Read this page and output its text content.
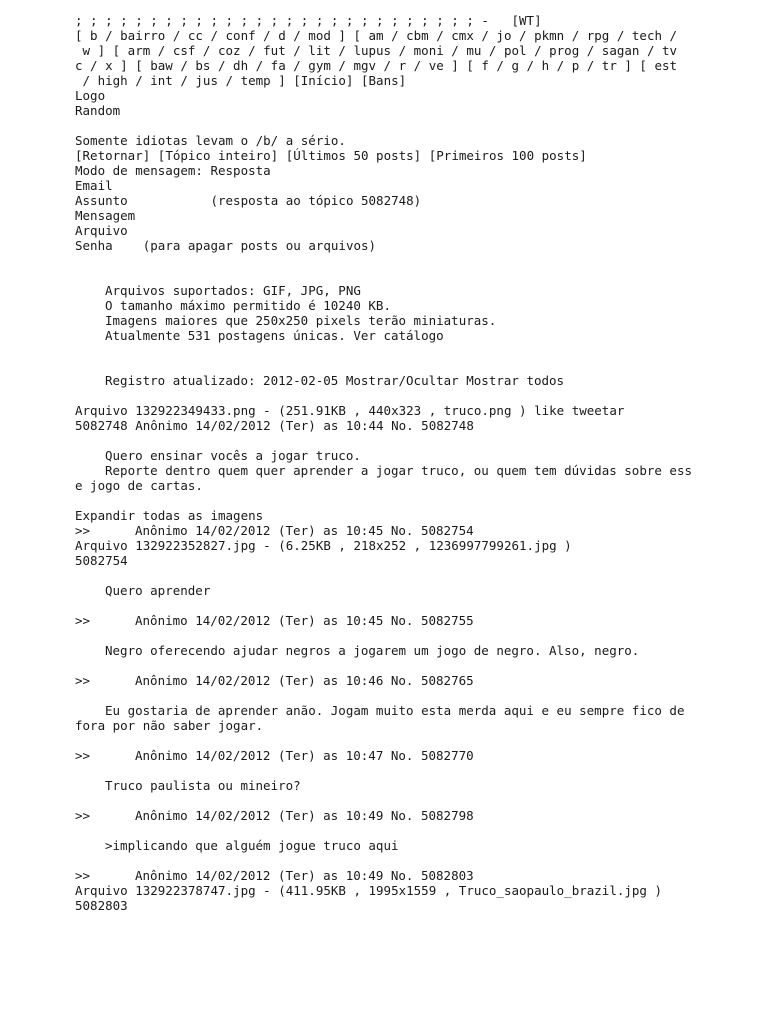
; ; ; ; ; ; ; ; ; ; ; ; ; ; ; ; ; ; ; ; ; ; ; ; ; ; ; - [WT]
[ b / bairro / cc / conf / d / mod ] [ am / cbm / cmx / jo / pkmn / rpg / tech /
w ] [ arm / csf / coz / fut / lit / lupus / moni / mu / pol / prog / sagan / tv
c / x ] [ baw / bs / dh / fa / gym / mgv / r / ve ] [ f / g / h / p / tr ] [ est
/ high / int / jus / temp ] [Início] [Bans]
Logo
Random
Somente idiotas levam o /b/ a sério.
[Retornar] [Tópico inteiro] [Últimos 50 posts] [Primeiros 100 posts]
Modo de mensagem: Resposta
Email
Assunto	(resposta ao tópico 5082748)
Mensagem
Arquivo
Senha (para apagar posts ou arquivos)
Arquivos suportados: GIF, JPG, PNG
O tamanho máximo permitido é 10240 KB.
Imagens maiores que 250x250 pixels terão miniaturas.
Atualmente 531 postagens únicas. Ver catálogo
Registro atualizado: 2012-02-05 Mostrar/Ocultar Mostrar todos
Arquivo 132922349433.png - (251.91KB , 440x323 , truco.png ) like tweetar
5082748 Anônimo 14/02/2012 (Ter) as 10:44 No. 5082748
Quero ensinar vocês a jogar truco.
Reporte dentro quem quer aprender a jogar truco, ou quem tem dúvidas sobre ess
e jogo de cartas.
Expandir todas as imagens
>>	Anônimo 14/02/2012 (Ter) as 10:45 No. 5082754
Arquivo 132922352827.jpg - (6.25KB , 218x252 , 1236997799261.jpg )
5082754
Quero aprender
>>	Anônimo 14/02/2012 (Ter) as 10:45 No. 5082755
Negro oferecendo ajudar negros a jogarem um jogo de negro. Also, negro.
>>	Anônimo 14/02/2012 (Ter) as 10:46 No. 5082765
Eu gostaria de aprender anão. Jogam muito esta merda aqui e eu sempre fico de
fora por não saber jogar.
>>	Anônimo 14/02/2012 (Ter) as 10:47 No. 5082770
Truco paulista ou mineiro?
>>	Anônimo 14/02/2012 (Ter) as 10:49 No. 5082798
>implicando que alguém jogue truco aqui
>>	Anônimo 14/02/2012 (Ter) as 10:49 No. 5082803
Arquivo 132922378747.jpg - (411.95KB , 1995x1559 , Truco_saopaulo_brazil.jpg )
5082803
